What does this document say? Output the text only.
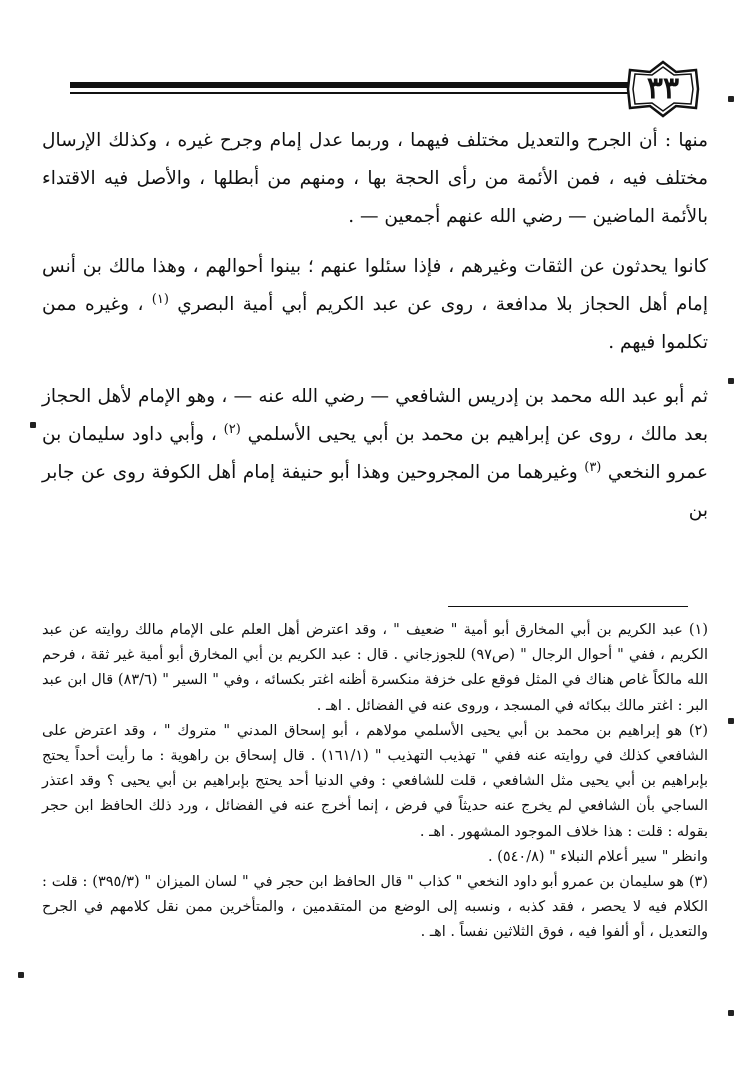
٣٣

منها : أن الجرح والتعديل مختلف فيهما ، وربما عدل إمام وجرح غيره ، وكذلك الإرسال مختلف فيه ، فمن الأئمة من رأى الحجة بها ، ومنهم من أبطلها ، والأصل فيه الاقتداء بالأئمة الماضين — رضي الله عنهم أجمعين — .

كانوا يحدثون عن الثقات وغيرهم ، فإذا سئلوا عنهم ؛ بينوا أحوالهم ، وهذا مالك بن أنس إمام أهل الحجاز بلا مدافعة ، روى عن عبد الكريم أبي أمية البصري $^{(١)}$ ، وغيره ممن تكلموا فيهم .

ثم أبو عبد الله محمد بن إدريس الشافعي — رضي الله عنه — ، وهو الإمام لأهل الحجاز بعد مالك ، روى عن إبراهيم بن محمد بن أبي يحيى الأسلمي $^{(٢)}$ ، وأبي داود سليمان بن عمرو النخعي $^{(٣)}$ وغيرهما من المجروحين وهذا أبو حنيفة إمام أهل الكوفة روى عن جابر بن

(١) عبد الكريم بن أبي المخارق أبو أمية " ضعيف " ، وقد اعترض أهل العلم على الإمام مالك روايته عن عبد الكريم ، ففي " أحوال الرجال " (ص٩٧) للجوزجاني . قال : عبد الكريم بن أبي المخارق أبو أمية غير ثقة ، فرحم الله مالكاً غاص هناك في المثل فوقع على خزفة منكسرة أظنه اغتر بكسائه ، وفي " السير " (٨٣/٦) قال ابن عبد البر : اغتر مالك ببكائه في المسجد ، وروى عنه في الفضائل . اهـ .

(٢) هو إبراهيم بن محمد بن أبي يحيى الأسلمي مولاهم ، أبو إسحاق المدني " متروك " ، وقد اعترض على الشافعي كذلك في روايته عنه ففي " تهذيب التهذيب " (١٦١/١) . قال إسحاق بن راهوية : ما رأيت أحداً يحتج بإبراهيم بن أبي يحيى مثل الشافعي ، قلت للشافعي : وفي الدنيا أحد يحتج بإبراهيم بن أبي يحيى ؟ وقد اعتذر الساجي بأن الشافعي لم يخرج عنه حديثاً في فرض ، إنما أخرج عنه في الفضائل ، ورد ذلك الحافظ ابن حجر بقوله : قلت : هذا خلاف الموجود المشهور . اهـ .

وانظر " سير أعلام النبلاء " (٥٤٠/٨) .

(٣) هو سليمان بن عمرو أبو داود النخعي " كذاب " قال الحافظ ابن حجر في " لسان الميزان " (٣٩٥/٣) : قلت : الكلام فيه لا يحصر ، فقد كذبه ، ونسبه إلى الوضع من المتقدمين ، والمتأخرين ممن نقل كلامهم في الجرح والتعديل ، أو ألفوا فيه ، فوق الثلاثين نفساً . اهـ .
